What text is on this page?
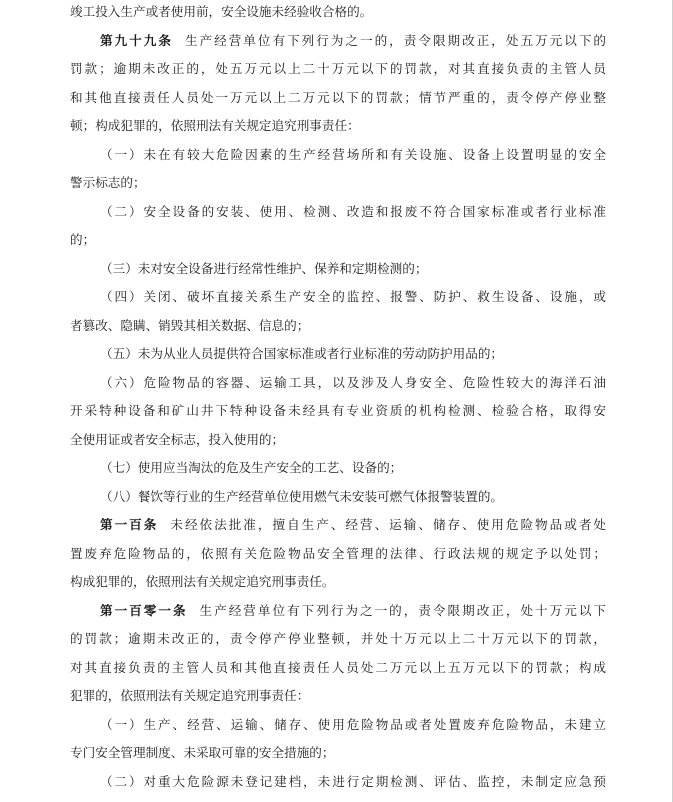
竣工投入生产或者使用前，安全设施未经验收合格的。
第九十九条 生产经营单位有下列行为之一的，责令限期改正，处五万元以下的
罚款；逾期未改正的，处五万元以上二十万元以下的罚款，对其直接负责的主管人员
和其他直接责任人员处一万元以上二万元以下的罚款；情节严重的，责令停产停业整
顿；构成犯罪的，依照刑法有关规定追究刑事责任：
（一）未在有较大危险因素的生产经营场所和有关设施、设备上设置明显的安全
警示标志的；
（二）安全设备的安装、使用、检测、改造和报废不符合国家标准或者行业标准
的；
（三）未对安全设备进行经常性维护、保养和定期检测的；
（四）关闭、破坏直接关系生产安全的监控、报警、防护、救生设备、设施，或
者篡改、隐瞒、销毁其相关数据、信息的；
（五）未为从业人员提供符合国家标准或者行业标准的劳动防护用品的；
（六）危险物品的容器、运输工具，以及涉及人身安全、危险性较大的海洋石油
开采特种设备和矿山井下特种设备未经具有专业资质的机构检测、检验合格，取得安
全使用证或者安全标志，投入使用的；
（七）使用应当淘汰的危及生产安全的工艺、设备的；
（八）餐饮等行业的生产经营单位使用燃气未安装可燃气体报警装置的。
第一百条 未经依法批准，擅自生产、经营、运输、储存、使用危险物品或者处
置废弃危险物品的，依照有关危险物品安全管理的法律、行政法规的规定予以处罚；
构成犯罪的，依照刑法有关规定追究刑事责任。
第一百零一条 生产经营单位有下列行为之一的，责令限期改正，处十万元以下
的罚款；逾期未改正的，责令停产停业整顿，并处十万元以上二十万元以下的罚款，
对其直接负责的主管人员和其他直接责任人员处二万元以上五万元以下的罚款；构成
犯罪的，依照刑法有关规定追究刑事责任：
（一）生产、经营、运输、储存、使用危险物品或者处置废弃危险物品，未建立
专门安全管理制度、未采取可靠的安全措施的；
（二）对重大危险源未登记建档，未进行定期检测、评估、监控，未制定应急预
